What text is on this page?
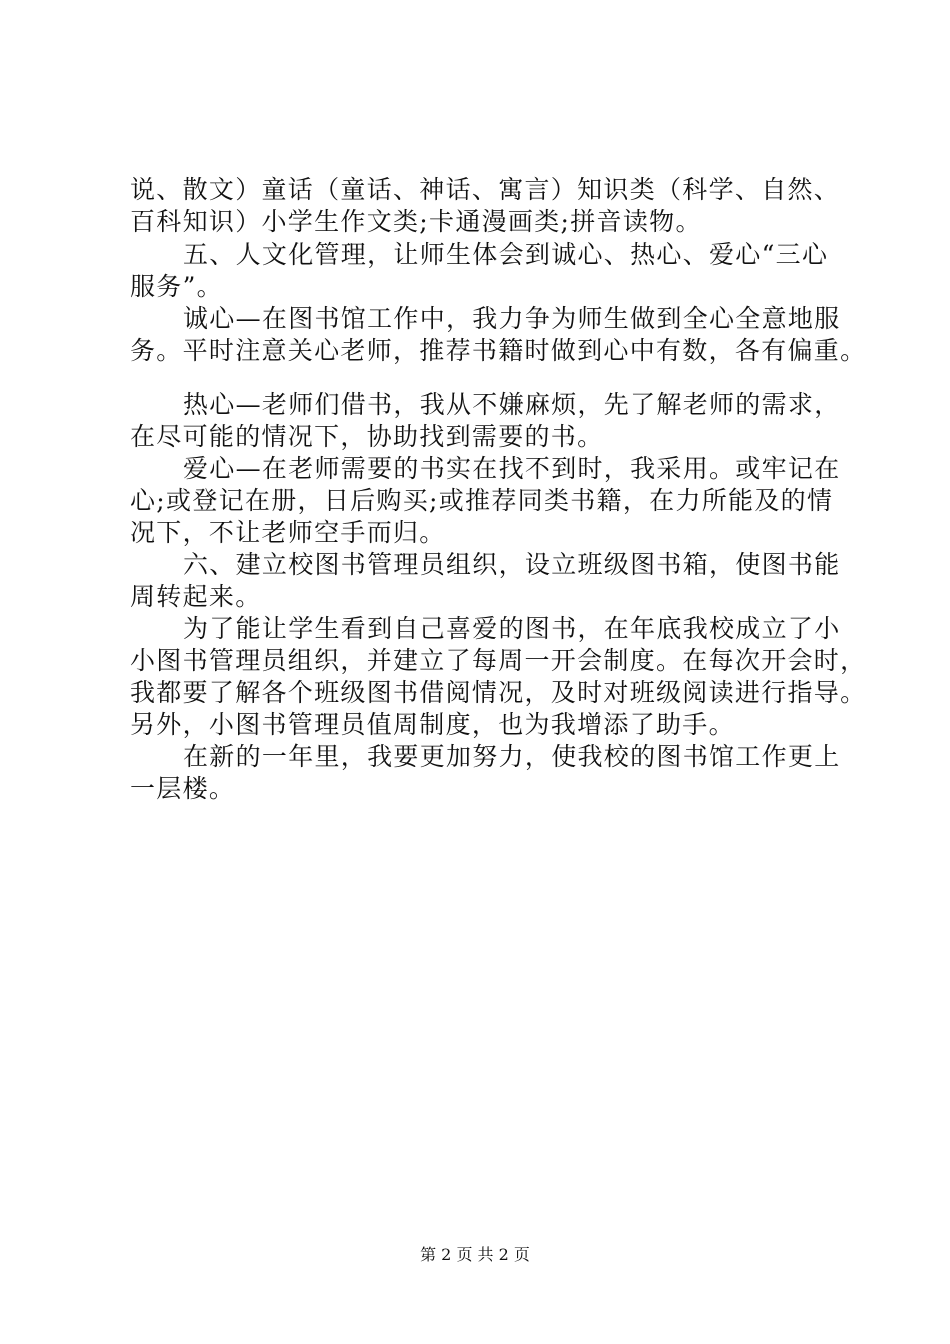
说、散文）童话（童话、神话、寓言）知识类（科学、自然、
百科知识）小学生作文类;卡通漫画类;拼音读物。
五、人文化管理，让师生体会到诚心、热心、爱心“三心
服务”。
诚心—在图书馆工作中，我力争为师生做到全心全意地服
务。平时注意关心老师，推荐书籍时做到心中有数，各有偏重。
热心—老师们借书，我从不嫌麻烦，先了解老师的需求，
在尽可能的情况下，协助找到需要的书。
爱心—在老师需要的书实在找不到时，我采用。或牢记在
心;或登记在册，日后购买;或推荐同类书籍，在力所能及的情
况下，不让老师空手而归。
六、建立校图书管理员组织，设立班级图书箱，使图书能
周转起来。
为了能让学生看到自己喜爱的图书，在年底我校成立了小
小图书管理员组织，并建立了每周一开会制度。在每次开会时，
我都要了解各个班级图书借阅情况，及时对班级阅读进行指导。
另外，小图书管理员值周制度，也为我增添了助手。
在新的一年里，我要更加努力，使我校的图书馆工作更上
一层楼。
第 2 页 共 2 页
